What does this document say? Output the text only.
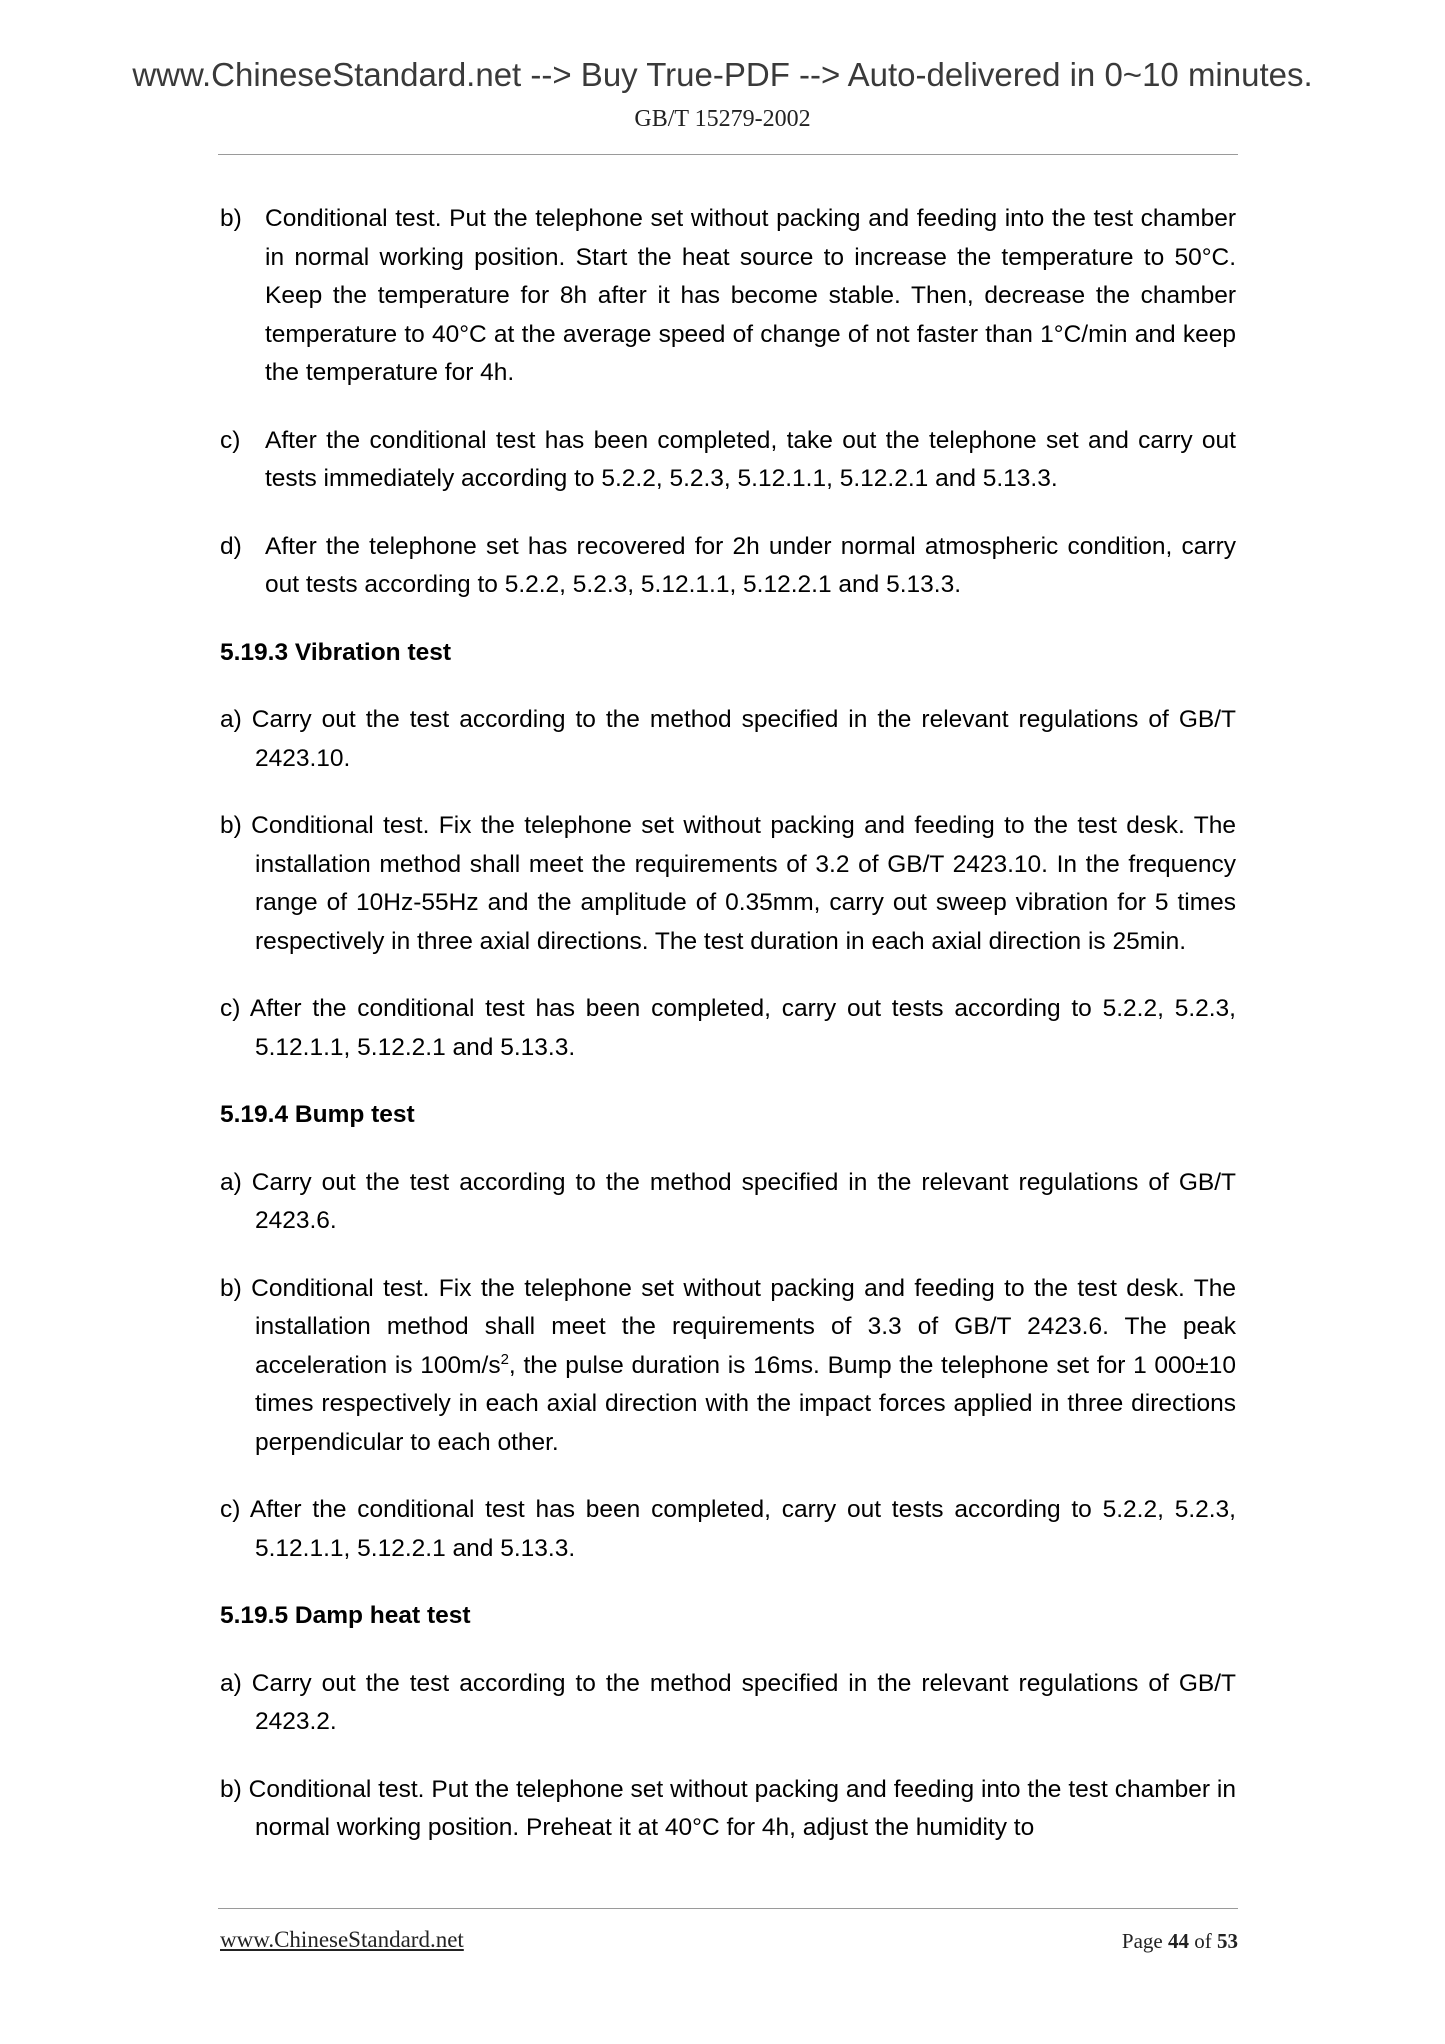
www.ChineseStandard.net --> Buy True-PDF --> Auto-delivered in 0~10 minutes.
GB/T 15279-2002
b) Conditional test. Put the telephone set without packing and feeding into the test chamber in normal working position. Start the heat source to increase the temperature to 50°C. Keep the temperature for 8h after it has become stable. Then, decrease the chamber temperature to 40°C at the average speed of change of not faster than 1°C/min and keep the temperature for 4h.
c)	After the conditional test has been completed, take out the telephone set and carry out tests immediately according to 5.2.2, 5.2.3, 5.12.1.1, 5.12.2.1 and 5.13.3.
d) After the telephone set has recovered for 2h under normal atmospheric condition, carry out tests according to 5.2.2, 5.2.3, 5.12.1.1, 5.12.2.1 and 5.13.3.
5.19.3 Vibration test
a) Carry out the test according to the method specified in the relevant regulations of GB/T 2423.10.
b) Conditional test. Fix the telephone set without packing and feeding to the test desk. The installation method shall meet the requirements of 3.2 of GB/T 2423.10. In the frequency range of 10Hz-55Hz and the amplitude of 0.35mm, carry out sweep vibration for 5 times respectively in three axial directions. The test duration in each axial direction is 25min.
c) After the conditional test has been completed, carry out tests according to 5.2.2, 5.2.3, 5.12.1.1, 5.12.2.1 and 5.13.3.
5.19.4 Bump test
a) Carry out the test according to the method specified in the relevant regulations of GB/T 2423.6.
b) Conditional test. Fix the telephone set without packing and feeding to the test desk. The installation method shall meet the requirements of 3.3 of GB/T 2423.6. The peak acceleration is $100m/s^2$, the pulse duration is 16ms. Bump the telephone set for 1 000±10 times respectively in each axial direction with the impact forces applied in three directions perpendicular to each other.
c) After the conditional test has been completed, carry out tests according to 5.2.2, 5.2.3, 5.12.1.1, 5.12.2.1 and 5.13.3.
5.19.5 Damp heat test
a) Carry out the test according to the method specified in the relevant regulations of GB/T 2423.2.
b) Conditional test. Put the telephone set without packing and feeding into the test chamber in normal working position. Preheat it at 40°C for 4h, adjust the humidity to
www.ChineseStandard.net	Page 44 of 53
